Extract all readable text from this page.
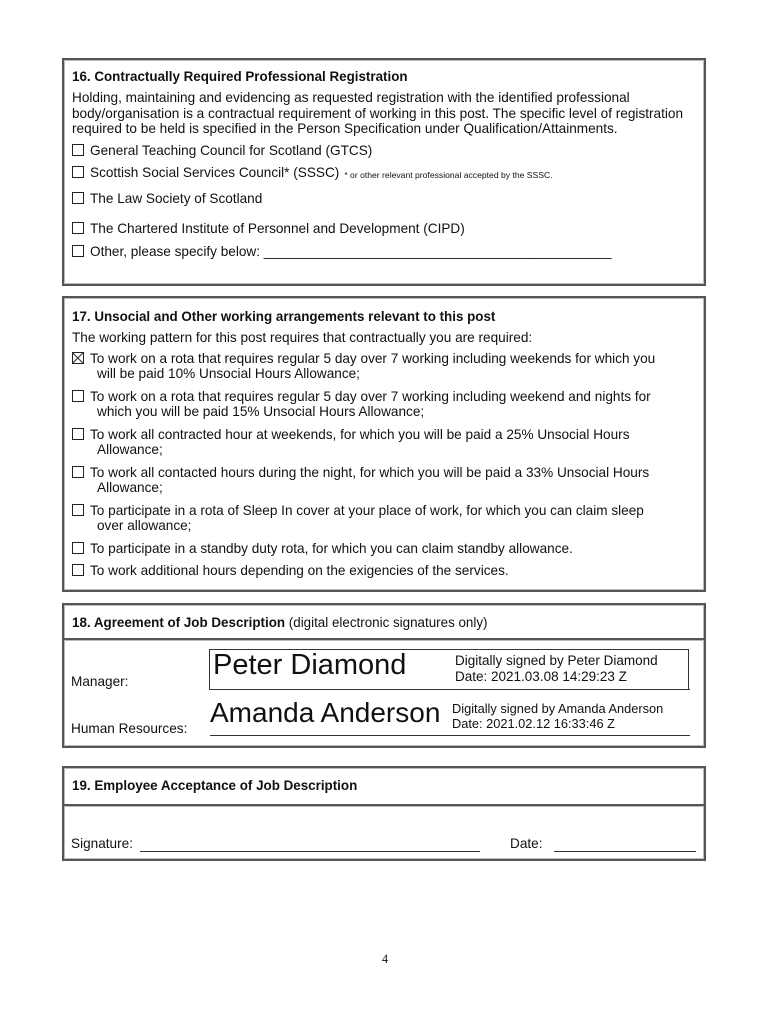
16. Contractually Required Professional Registration
Holding, maintaining and evidencing as requested registration with the identified professional body/organisation is a contractual requirement of working in this post. The specific level of registration required to be held is specified in the Person Specification under Qualification/Attainments.
General Teaching Council for Scotland (GTCS)
Scottish Social Services Council* (SSSC) * or other relevant professional accepted by the SSSC.
The Law Society of Scotland
The Chartered Institute of Personnel and Development (CIPD)
Other, please specify below: ______________________________________________
17. Unsocial and Other working arrangements relevant to this post
The working pattern for this post requires that contractually you are required:
To work on a rota that requires regular 5 day over 7 working including weekends for which you
will be paid 10% Unsocial Hours Allowance;
To work on a rota that requires regular 5 day over 7 working including weekend and nights for
which you will be paid 15% Unsocial Hours Allowance;
To work all contracted hour at weekends, for which you will be paid a 25% Unsocial Hours
Allowance;
To work all contacted hours during the night, for which you will be paid a 33% Unsocial Hours
Allowance;
To participate in a rota of Sleep In cover at your place of work, for which you can claim sleep
over allowance;
To participate in a standby duty rota, for which you can claim standby allowance.
To work additional hours depending on the exigencies of the services.
18. Agreement of Job Description (digital electronic signatures only)
Manager:
Peter Diamond	Digitally signed by Peter Diamond
Date: 2021.03.08 14:29:23 Z
Human Resources:
Amanda Anderson Digitally signed by Amanda Anderson
Date: 2021.02.12 16:33:46 Z
19. Employee Acceptance of Job Description
Signature:	Date:
4
